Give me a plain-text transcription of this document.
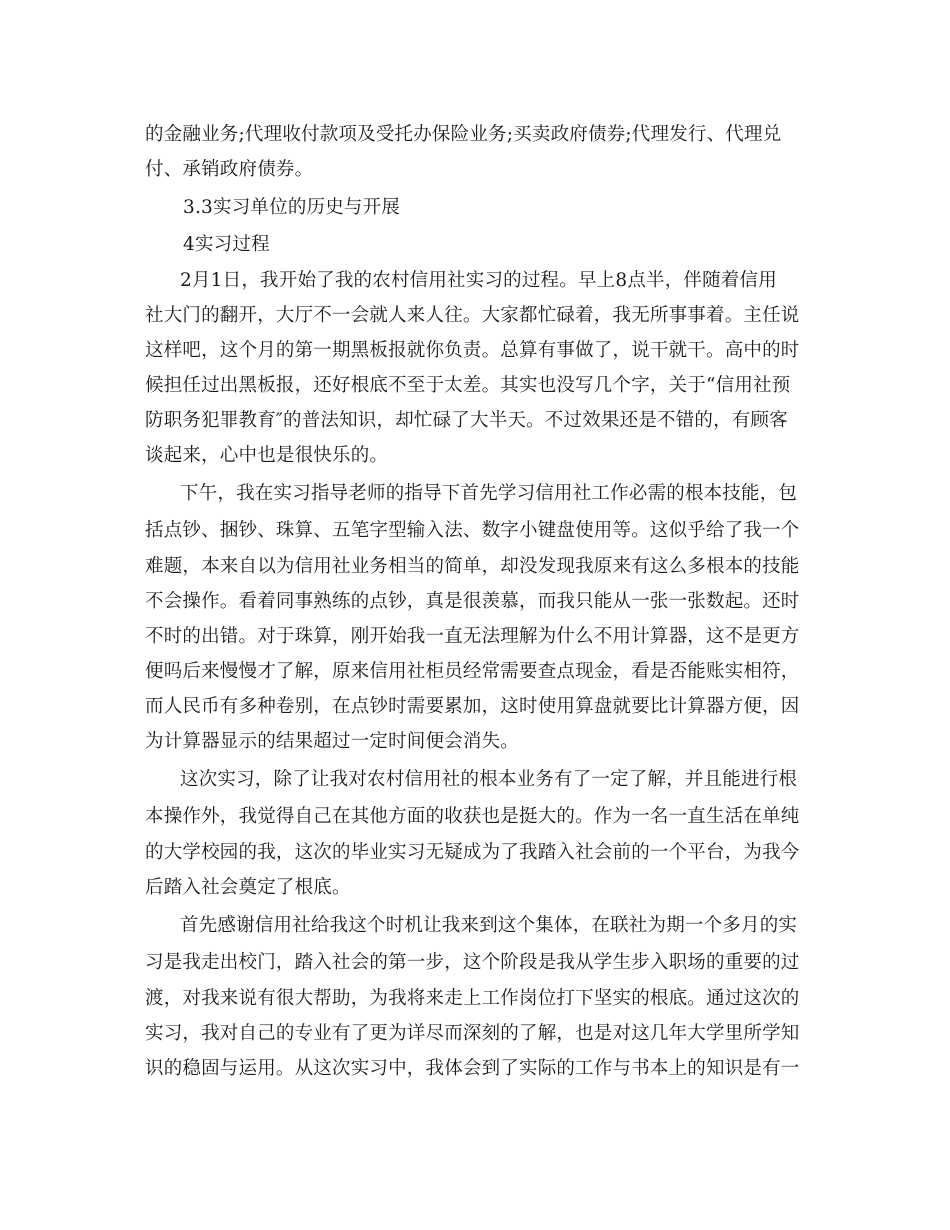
的金融业务;代理收付款项及受托办保险业务;买卖政府债券;代理发行、代理兑
付、承销政府债券。
3.3实习单位的历史与开展
4实习过程
2月1日，我开始了我的农村信用社实习的过程。早上8点半，伴随着信用
社大门的翻开，大厅不一会就人来人往。大家都忙碌着，我无所事事着。主任说
这样吧，这个月的第一期黑板报就你负责。总算有事做了，说干就干。高中的时
候担任过出黑板报，还好根底不至于太差。其实也没写几个字，关于“信用社预
防职务犯罪教育″的普法知识，却忙碌了大半天。不过效果还是不错的，有顾客
谈起来，心中也是很快乐的。
下午，我在实习指导老师的指导下首先学习信用社工作必需的根本技能，包
括点钞、捆钞、珠算、五笔字型输入法、数字小键盘使用等。这似乎给了我一个
难题，本来自以为信用社业务相当的简单，却没发现我原来有这么多根本的技能
不会操作。看着同事熟练的点钞，真是很羡慕，而我只能从一张一张数起。还时
不时的出错。对于珠算，刚开始我一直无法理解为什么不用计算器，这不是更方
便吗后来慢慢才了解，原来信用社柜员经常需要查点现金，看是否能账实相符，
而人民币有多种卷别，在点钞时需要累加，这时使用算盘就要比计算器方便，因
为计算器显示的结果超过一定时间便会消失。
这次实习，除了让我对农村信用社的根本业务有了一定了解，并且能进行根
本操作外，我觉得自己在其他方面的收获也是挺大的。作为一名一直生活在单纯
的大学校园的我，这次的毕业实习无疑成为了我踏入社会前的一个平台，为我今
后踏入社会奠定了根底。
首先感谢信用社给我这个时机让我来到这个集体，在联社为期一个多月的实
习是我走出校门，踏入社会的第一步，这个阶段是我从学生步入职场的重要的过
渡，对我来说有很大帮助，为我将来走上工作岗位打下坚实的根底。通过这次的
实习，我对自己的专业有了更为详尽而深刻的了解，也是对这几年大学里所学知
识的稳固与运用。从这次实习中，我体会到了实际的工作与书本上的知识是有一
